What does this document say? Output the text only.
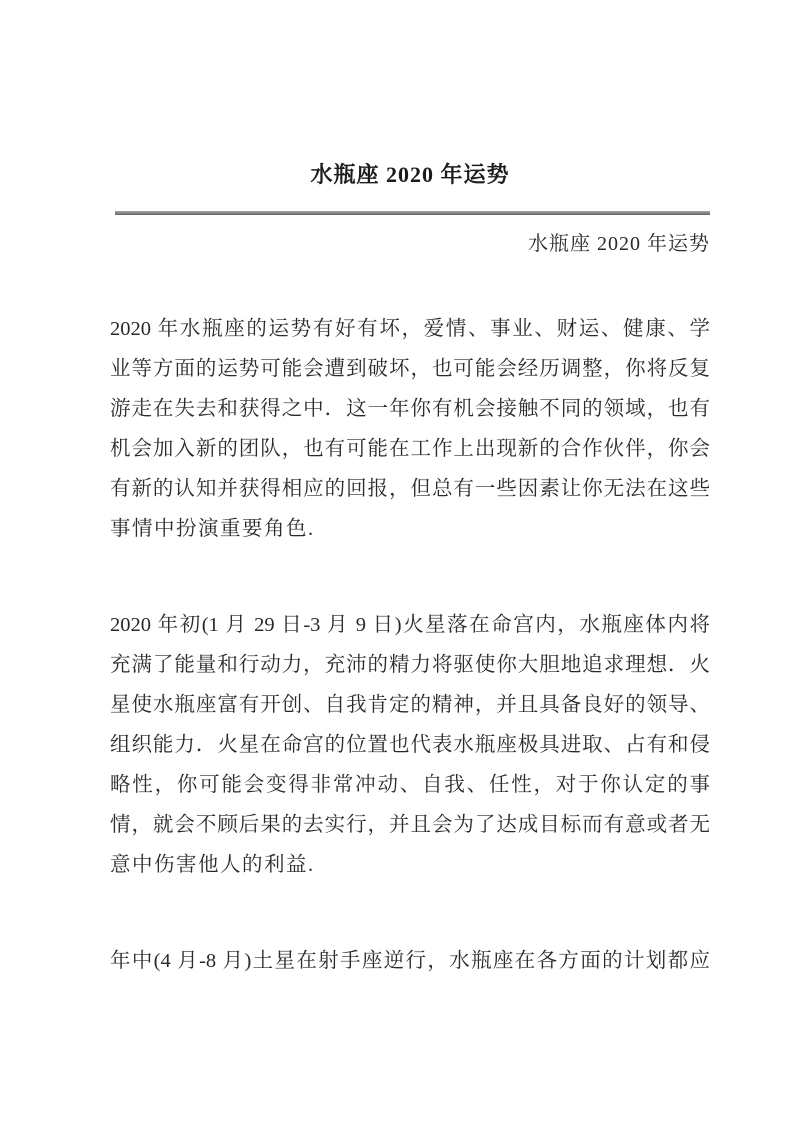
水瓶座 2020 年运势
水瓶座 2020 年运势
2020 年水瓶座的运势有好有坏，爱情、事业、财运、健康、学
业等方面的运势可能会遭到破坏，也可能会经历调整，你将反复
游走在失去和获得之中．这一年你有机会接触不同的领域，也有
机会加入新的团队，也有可能在工作上出现新的合作伙伴，你会
有新的认知并获得相应的回报，但总有一些因素让你无法在这些
事情中扮演重要角色.
2020 年初(1 月 29 日-3 月 9 日)火星落在命宫内，水瓶座体内将
充满了能量和行动力，充沛的精力将驱使你大胆地追求理想．火
星使水瓶座富有开创、自我肯定的精神，并且具备良好的领导、
组织能力．火星在命宫的位置也代表水瓶座极具进取、占有和侵
略性，你可能会变得非常冲动、自我、任性，对于你认定的事
情，就会不顾后果的去实行，并且会为了达成目标而有意或者无
意中伤害他人的利益.
年中(4 月-8 月)土星在射手座逆行，水瓶座在各方面的计划都应
